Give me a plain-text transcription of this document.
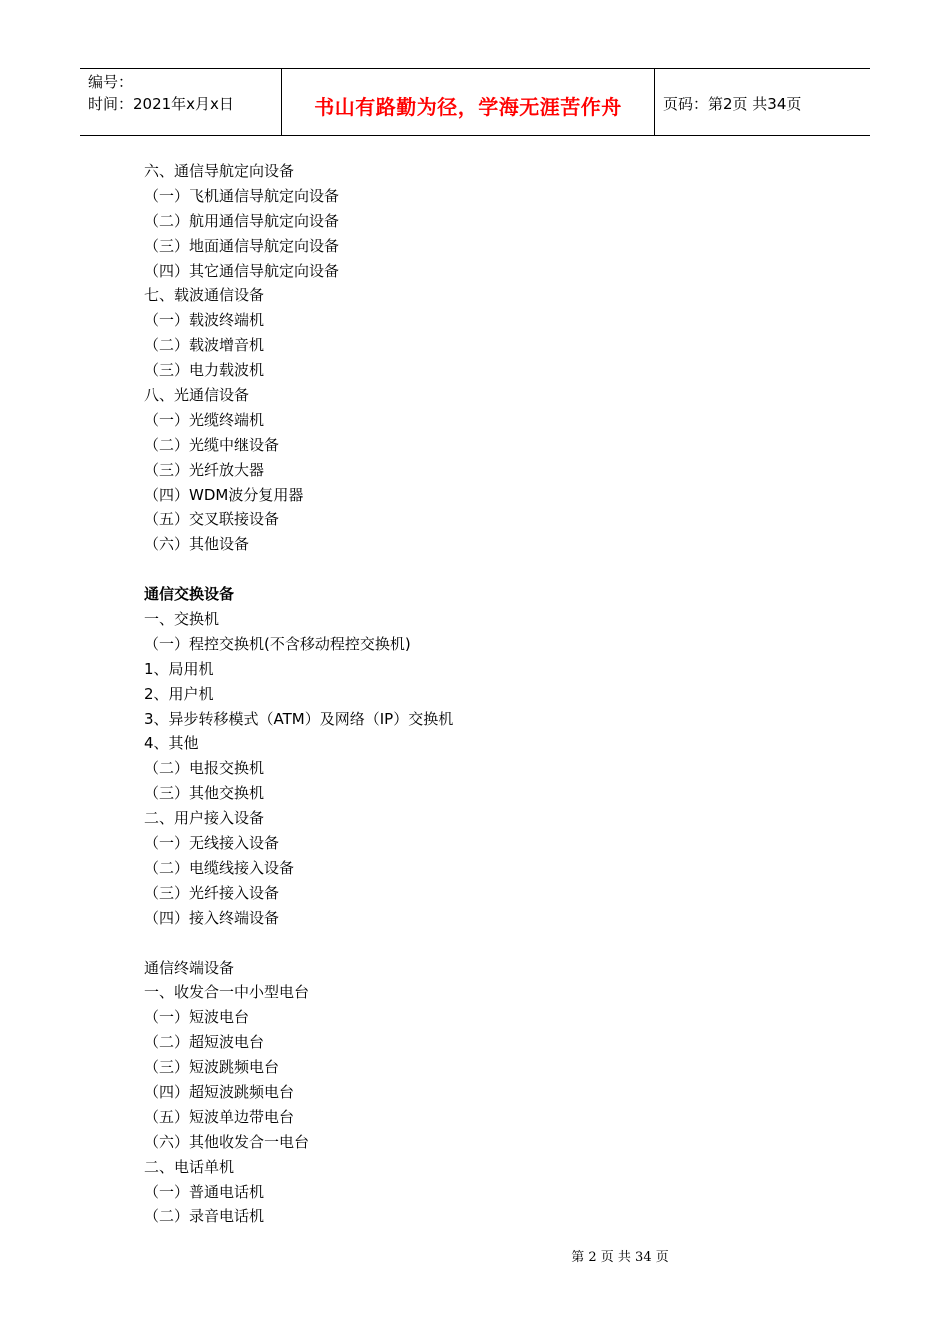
编号：
时间：2021年x月x日	书山有路勤为径，学海无涯苦作舟	页码：第2页 共34页
六、通信导航定向设备
（一）飞机通信导航定向设备
（二）航用通信导航定向设备
（三）地面通信导航定向设备
（四）其它通信导航定向设备
七、载波通信设备
（一）载波终端机
（二）载波增音机
（三）电力载波机
八、光通信设备
（一）光缆终端机
（二）光缆中继设备
（三）光纤放大器
（四）WDM波分复用器
（五）交叉联接设备
（六）其他设备
通信交换设备
一、交换机
（一）程控交换机(不含移动程控交换机)
1、局用机
2、用户机
3、异步转移模式（ATM）及网络（IP）交换机
4、其他
（二）电报交换机
（三）其他交换机
二、用户接入设备
（一）无线接入设备
（二）电缆线接入设备
（三）光纤接入设备
（四）接入终端设备
通信终端设备
一、收发合一中小型电台
（一）短波电台
（二）超短波电台
（三）短波跳频电台
（四）超短波跳频电台
（五）短波单边带电台
（六）其他收发合一电台
二、电话单机
（一）普通电话机
（二）录音电话机
第 2 页 共 34 页
